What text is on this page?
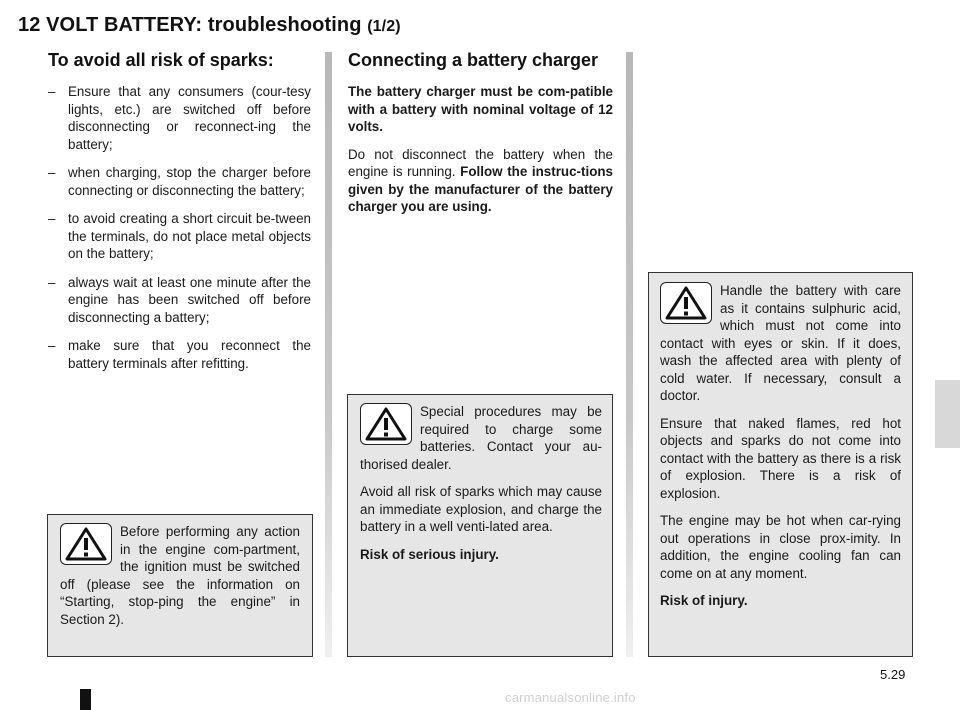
12 VOLT BATTERY: troubleshooting (1/2)
To avoid all risk of sparks:
– Ensure that any consumers (cour-tesy lights, etc.) are switched off before disconnecting or reconnect-ing the battery;
– when charging, stop the charger before connecting or disconnecting the battery;
– to avoid creating a short circuit be-tween the terminals, do not place metal objects on the battery;
– always wait at least one minute after the engine has been switched off before disconnecting a battery;
– make sure that you reconnect the battery terminals after refitting.

Before performing any action in the engine com-partment, the ignition must be switched off (please see the information on “Starting, stop-ping the engine” in Section 2).

Connecting a battery charger

The battery charger must be com-patible with a battery with nominal voltage of 12 volts.

Do not disconnect the battery when the engine is running. Follow the instruc-tions given by the manufacturer of the battery charger you are using.

Special procedures may be required to charge some batteries. Contact your au-thorised dealer.

Avoid all risk of sparks which may cause an immediate explosion, and charge the battery in a well venti-lated area.

Risk of serious injury.

Handle the battery with care as it contains sulphuric acid, which must not come into contact with eyes or skin. If it does, wash the affected area with plenty of cold water. If necessary, consult a doctor.

Ensure that naked flames, red hot objects and sparks do not come into contact with the battery as there is a risk of explosion. There is a risk of explosion.

The engine may be hot when car-rying out operations in close prox-imity. In addition, the engine cooling fan can come on at any moment.

Risk of injury.

5.29
carmanualsonline.info
